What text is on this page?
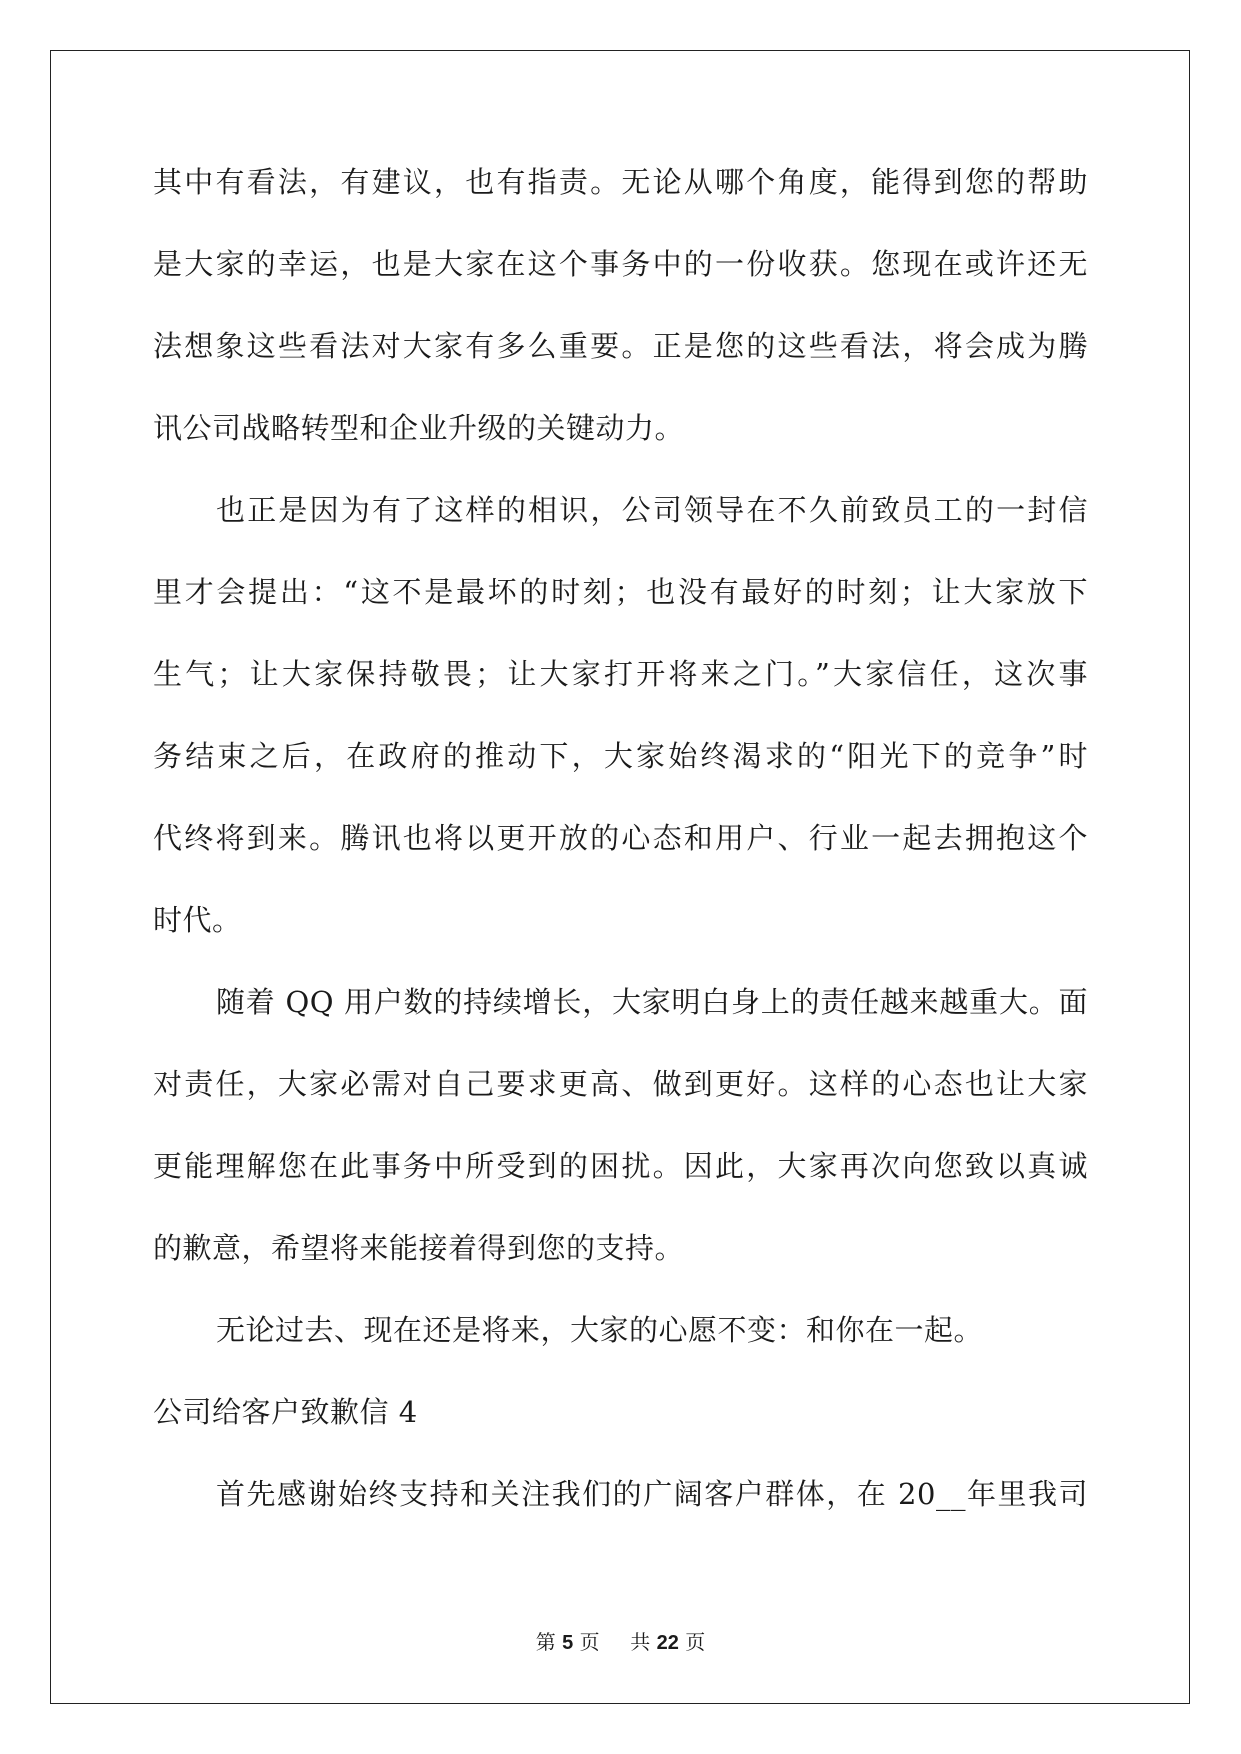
其中有看法，有建议，也有指责。无论从哪个角度，能得到您的帮助
是大家的幸运，也是大家在这个事务中的一份收获。您现在或许还无
法想象这些看法对大家有多么重要。正是您的这些看法，将会成为腾
讯公司战略转型和企业升级的关键动力。
也正是因为有了这样的相识，公司领导在不久前致员工的一封信
里才会提出：“这不是最坏的时刻；也没有最好的时刻；让大家放下
生气；让大家保持敬畏；让大家打开将来之门。”大家信任，这次事
务结束之后，在政府的推动下，大家始终渴求的“阳光下的竞争”时
代终将到来。腾讯也将以更开放的心态和用户、行业一起去拥抱这个
时代。
随着 QQ 用户数的持续增长，大家明白身上的责任越来越重大。面
对责任，大家必需对自己要求更高、做到更好。这样的心态也让大家
更能理解您在此事务中所受到的困扰。因此，大家再次向您致以真诚
的歉意，希望将来能接着得到您的支持。
无论过去、现在还是将来，大家的心愿不变：和你在一起。
公司给客户致歉信 4
首先感谢始终支持和关注我们的广阔客户群体，在 20__年里我司
第 5 页 共 22 页
